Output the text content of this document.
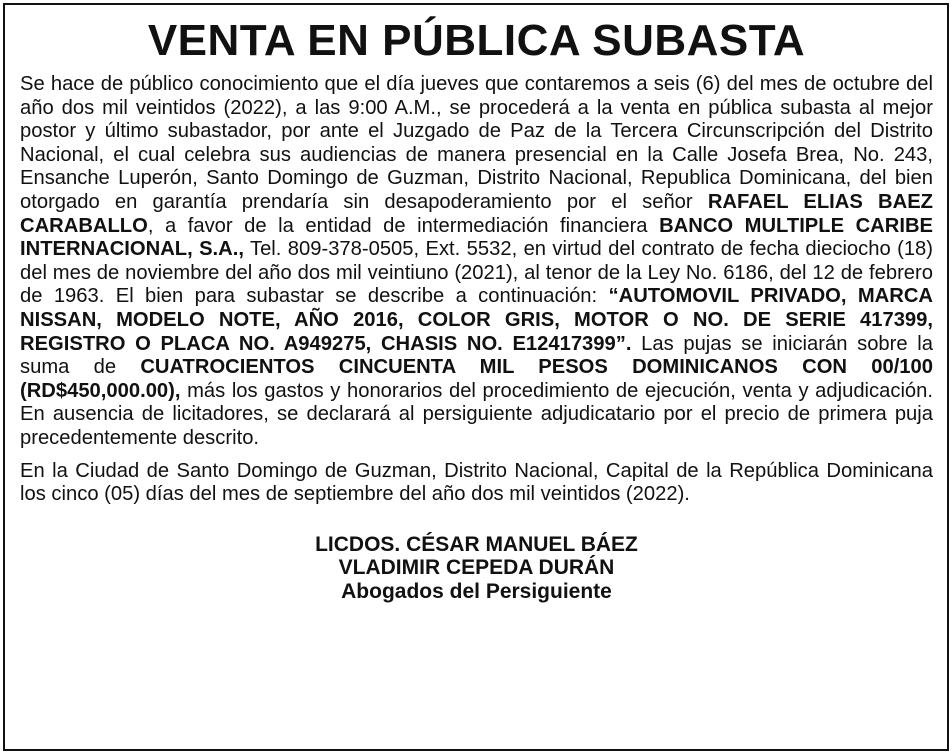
VENTA EN PÚBLICA SUBASTA

Se hace de público conocimiento que el día jueves que contaremos a seis (6) del mes de octubre del año dos mil veintidos (2022), a las 9:00 A.M., se procederá a la venta en pública subasta al mejor postor y último subastador, por ante el Juzgado de Paz de la Tercera Circunscripción del Distrito Nacional, el cual celebra sus audiencias de manera presencial en la Calle Josefa Brea, No. 243, Ensanche Luperón, Santo Domingo de Guzman, Distrito Nacional, Republica Dominicana, del bien otorgado en garantía prendaría sin desapoderamiento por el señor RAFAEL ELIAS BAEZ CARABALLO, a favor de la entidad de intermediación financiera BANCO MULTIPLE CARIBE INTERNACIONAL, S.A., Tel. 809-378-0505, Ext. 5532, en virtud del contrato de fecha dieciocho (18) del mes de noviembre del año dos mil veintiuno (2021), al tenor de la Ley No. 6186, del 12 de febrero de 1963. El bien para subastar se describe a continuación: “AUTOMOVIL PRIVADO, MARCA NISSAN, MODELO NOTE, AÑO 2016, COLOR GRIS, MOTOR O NO. DE SERIE 417399, REGISTRO O PLACA NO. A949275, CHASIS NO. E12417399”. Las pujas se iniciarán sobre la suma de CUATROCIENTOS CINCUENTA MIL PESOS DOMINICANOS CON 00/100 (RD$450,000.00), más los gastos y honorarios del procedimiento de ejecución, venta y adjudicación. En ausencia de licitadores, se declarará al persiguiente adjudicatario por el precio de primera puja precedentemente descrito.

En la Ciudad de Santo Domingo de Guzman, Distrito Nacional, Capital de la República Dominicana los cinco (05) días del mes de septiembre del año dos mil veintidos (2022).

LICDOS. CÉSAR MANUEL BÁEZ
VLADIMIR CEPEDA DURÁN
Abogados del Persiguiente
